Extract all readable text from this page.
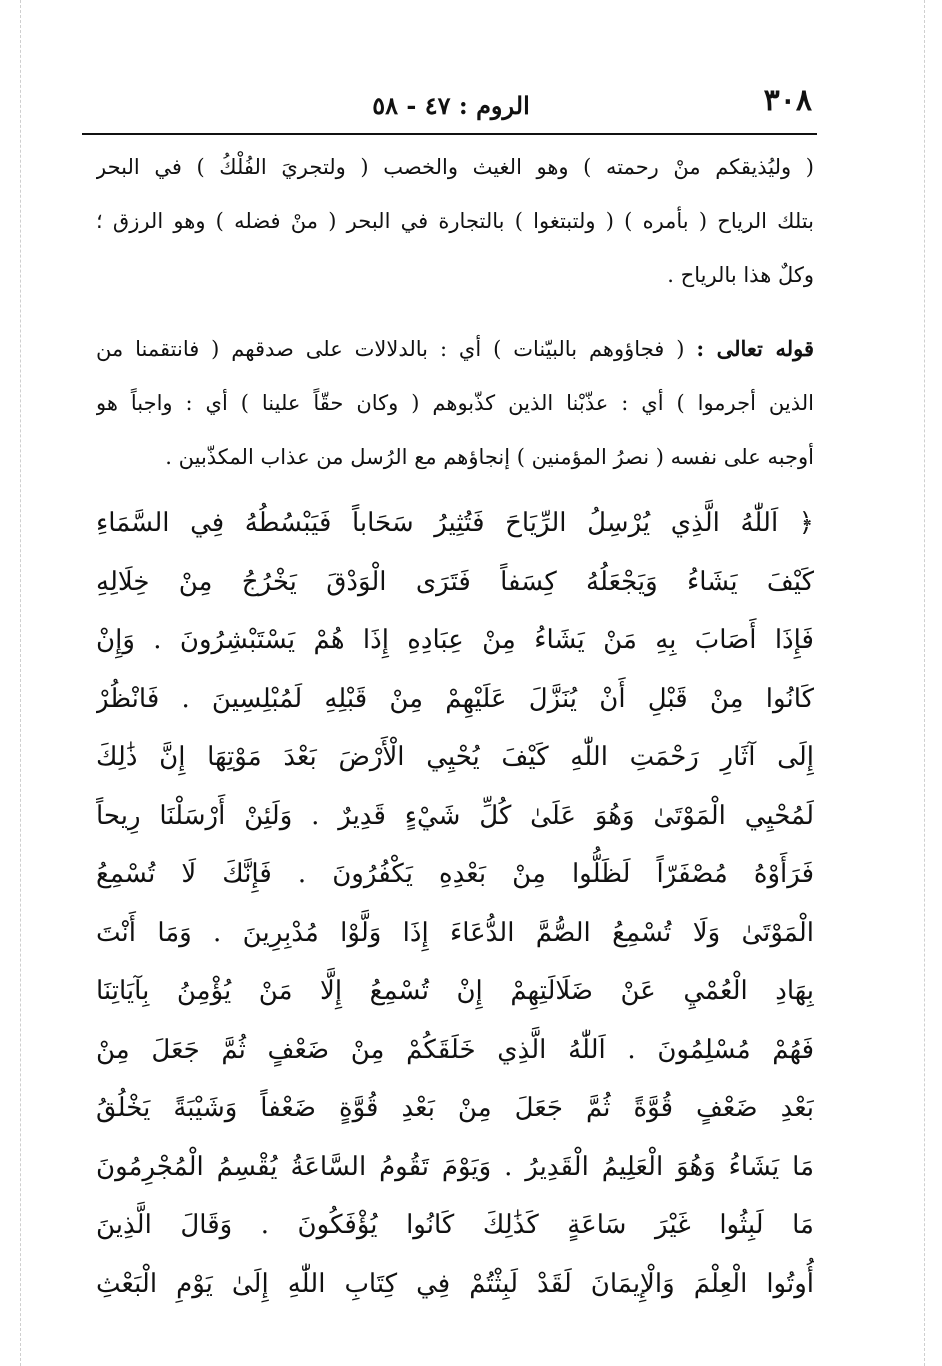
٣٠٨
الروم : ٤٧ - ٥٨
( وليُذيقكم منْ رحمته ) وهو الغيث والخصب ( ولتجريَ الفُلْكُ ) في البحر
بتلك الرياح ( بأمره ) ( ولتبتغوا ) بالتجارة في البحر ( منْ فضله ) وهو الرزق ؛
وكلٌ هذا بالرياح .
قوله تعالى : ( فجاؤوهم بالبيّنات ) أي : بالدلالات على صدقهم ( فانتقمنا من
الذين أجرموا ) أي : عذّبْنا الذين كذّبوهم ( وكان حقّاً علينا ) أي : واجباً هو
أوجبه على نفسه ( نصرُ المؤمنين ) إنجاؤهم مع الرُسل من عذاب المكذّبين .
﴿ اَللّٰهُ الَّذِي يُرْسِلُ الرِّيَاحَ فَتُثِيرُ سَحَاباً فَيَبْسُطُهُ فِي السَّمَاءِ
كَيْفَ يَشَاءُ وَيَجْعَلُهُ كِسَفاً فَتَرَى الْوَدْقَ يَخْرُجُ مِنْ خِلَالِهِ
فَإِذَا أَصَابَ بِهِ مَنْ يَشَاءُ مِنْ عِبَادِهِ إِذَا هُمْ يَسْتَبْشِرُونَ . وَإِنْ
كَانُوا مِنْ قَبْلِ أَنْ يُنَزَّلَ عَلَيْهِمْ مِنْ قَبْلِهِ لَمُبْلِسِينَ . فَانْظُرْ
إِلَى آثَارِ رَحْمَتِ اللّٰهِ كَيْفَ يُحْيِي الْأَرْضَ بَعْدَ مَوْتِهَا إِنَّ ذَٰلِكَ
لَمُحْيِي الْمَوْتَىٰ وَهُوَ عَلَىٰ كُلِّ شَيْءٍ قَدِيرٌ . وَلَئِنْ أَرْسَلْنَا رِيحاً
فَرَأَوْهُ مُصْفَرّاً لَظَلُّوا مِنْ بَعْدِهِ يَكْفُرُونَ . فَإِنَّكَ لَا تُسْمِعُ
الْمَوْتَىٰ وَلَا تُسْمِعُ الصُّمَّ الدُّعَاءَ إِذَا وَلَّوْا مُدْبِرِينَ . وَمَا أَنْتَ
بِهَادِ الْعُمْيِ عَنْ ضَلَالَتِهِمْ إِنْ تُسْمِعُ إِلَّا مَنْ يُؤْمِنُ بِآيَاتِنَا
فَهُمْ مُسْلِمُونَ . اَللّٰهُ الَّذِي خَلَقَكُمْ مِنْ ضَعْفٍ ثُمَّ جَعَلَ مِنْ
بَعْدِ ضَعْفٍ قُوَّةً ثُمَّ جَعَلَ مِنْ بَعْدِ قُوَّةٍ ضَعْفاً وَشَيْبَةً يَخْلُقُ
مَا يَشَاءُ وَهُوَ الْعَلِيمُ الْقَدِيرُ . وَيَوْمَ تَقُومُ السَّاعَةُ يُقْسِمُ الْمُجْرِمُونَ
مَا لَبِثُوا غَيْرَ سَاعَةٍ كَذَٰلِكَ كَانُوا يُؤْفَكُونَ . وَقَالَ الَّذِينَ
أُوتُوا الْعِلْمَ وَالْإِيمَانَ لَقَدْ لَبِثْتُمْ فِي كِتَابِ اللّٰهِ إِلَىٰ يَوْمِ الْبَعْثِ
